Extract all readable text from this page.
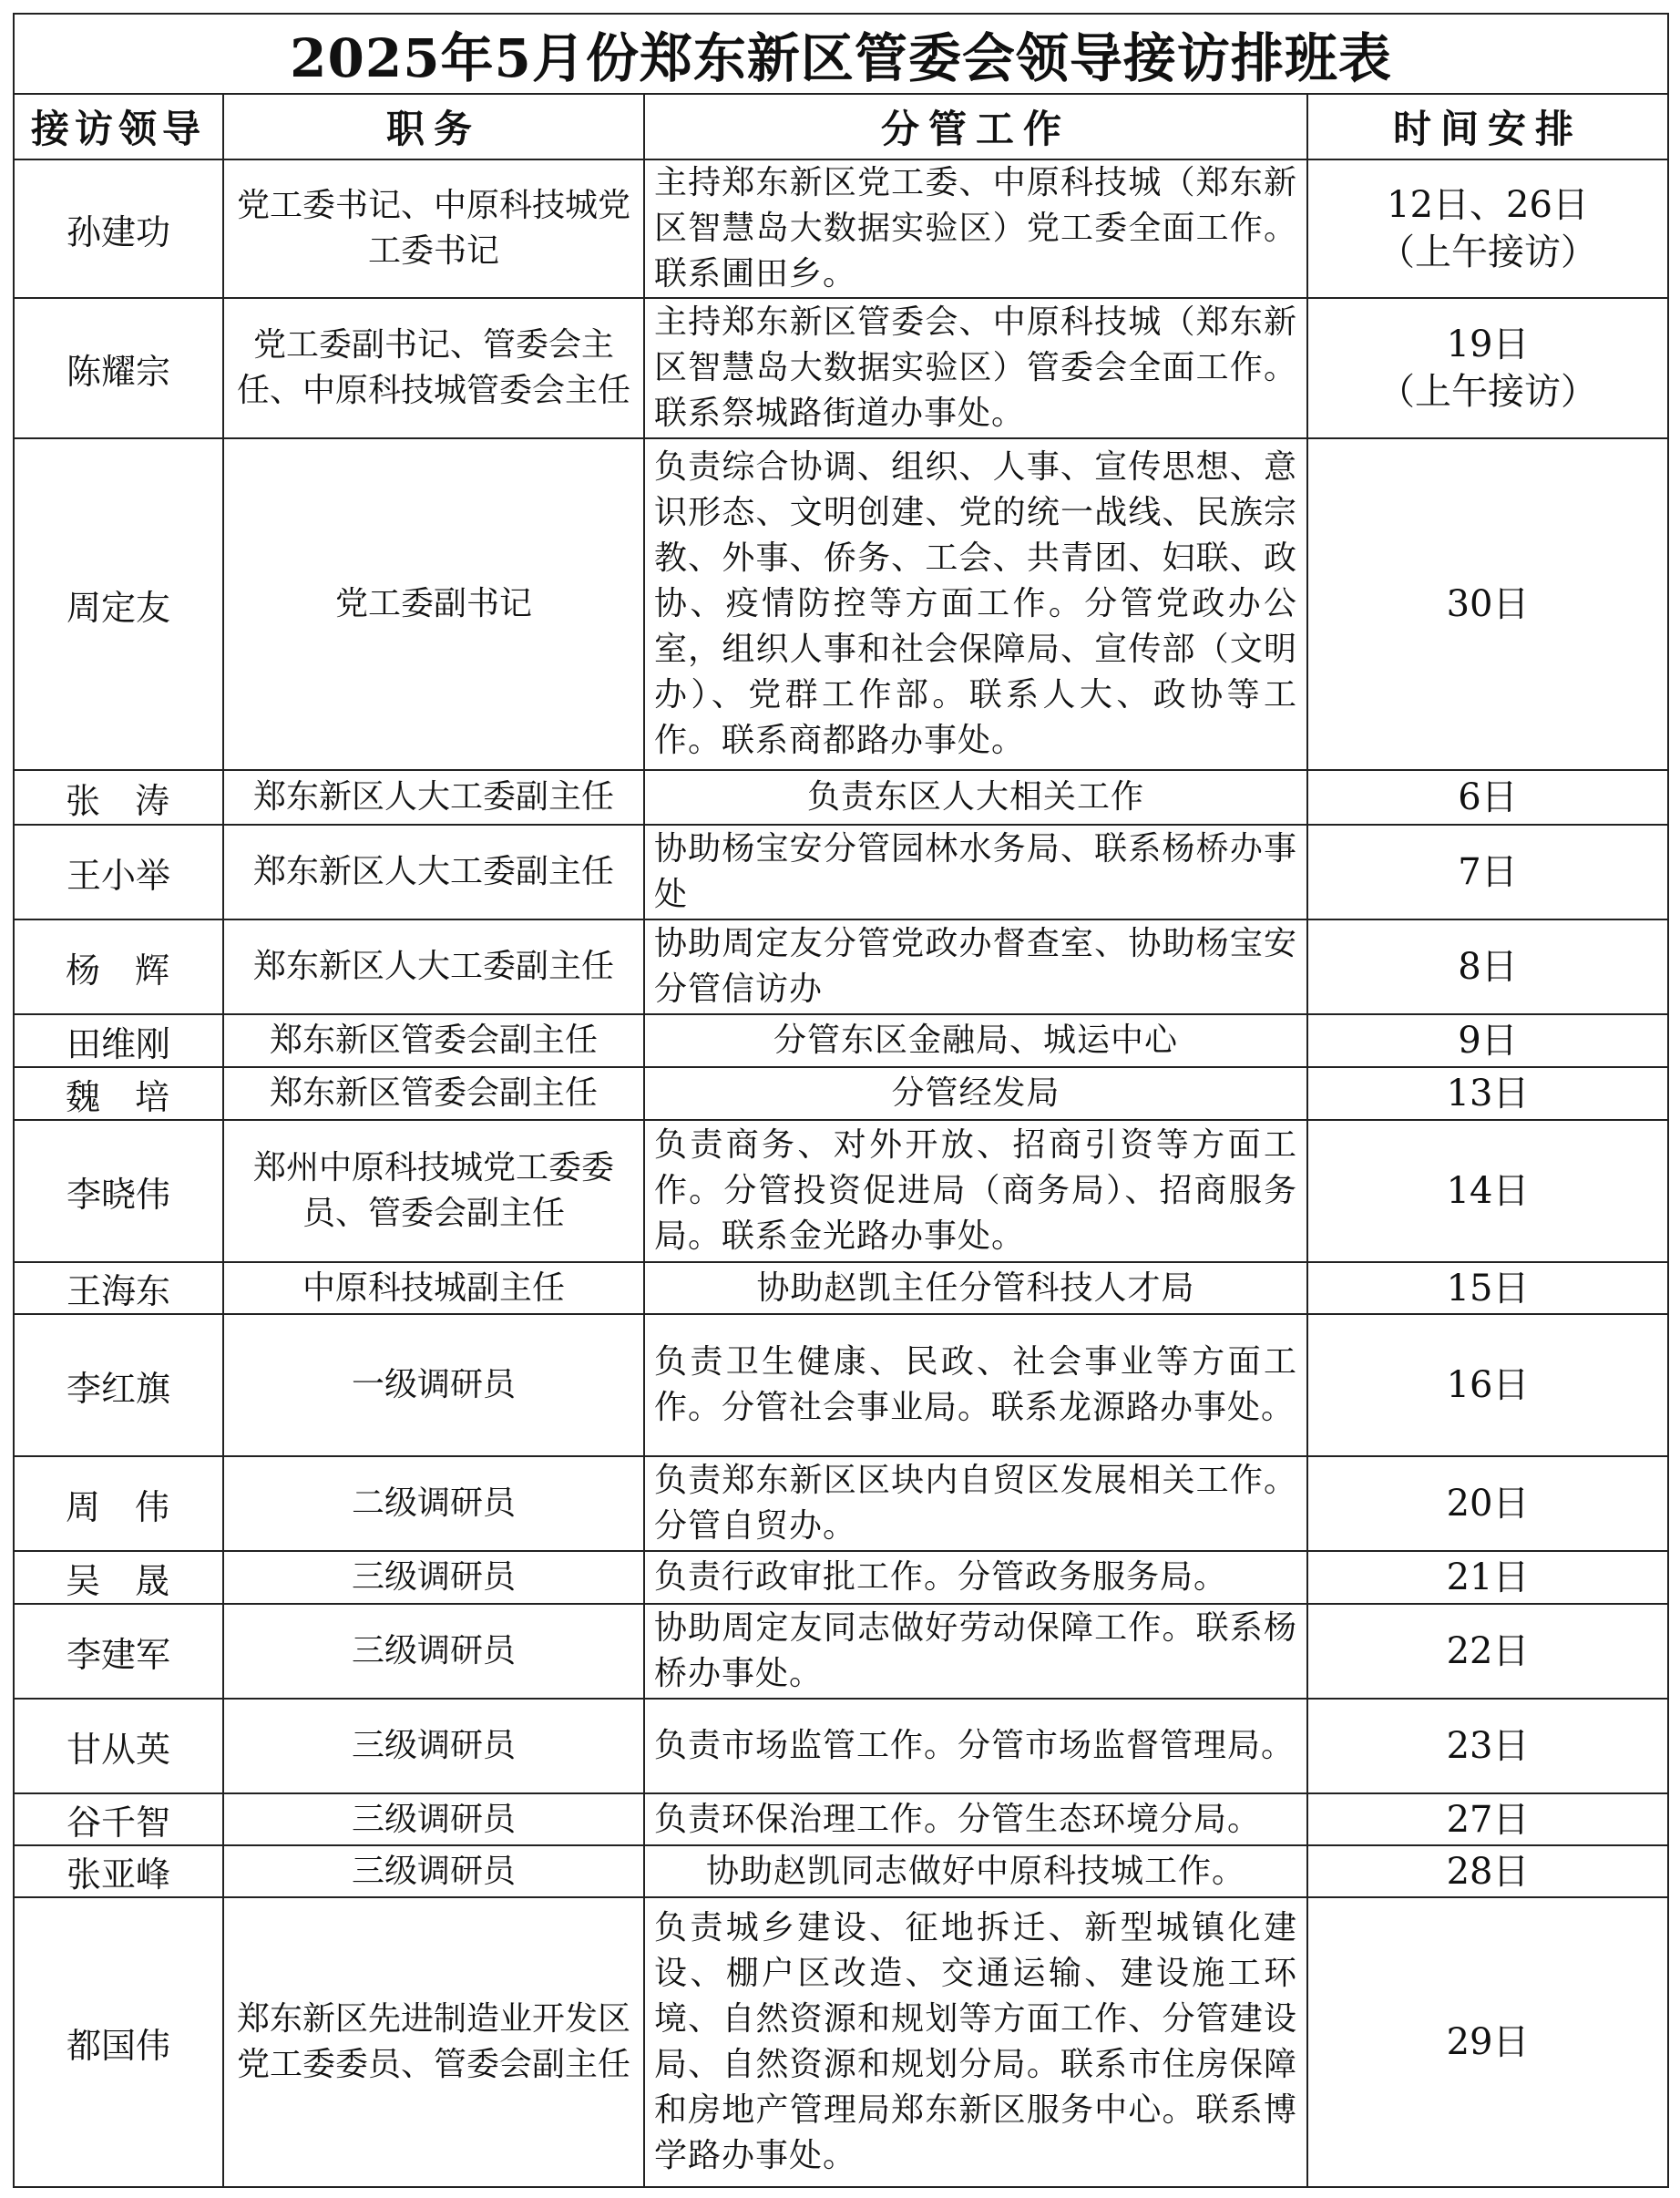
2025年5月份郑东新区管委会领导接访排班表			
接访领导	职务	分管工作	时间安排
孙建功	党工委书记、中原科技城党工委书记	主持郑东新区党工委、中原科技城（郑东新区智慧岛大数据实验区）党工委全面工作。联系圃田乡。	12日、26日
（上午接访）

陈耀宗	党工委副书记、管委会主任、中原科技城管委会主任	主持郑东新区管委会、中原科技城（郑东新区智慧岛大数据实验区）管委会全面工作。联系祭城路街道办事处。	19日
（上午接访）

周定友	党工委副书记	负责综合协调、组织、人事、宣传思想、意识形态、文明创建、党的统一战线、民族宗教、外事、侨务、工会、共青团、妇联、政协、疫情防控等方面工作。分管党政办公室，组织人事和社会保障局、宣传部（文明办）、党群工作部。联系人大、政协等工作。联系商都路办事处。	30日
张涛	郑东新区人大工委副主任	负责东区人大相关工作	6日
王小举	郑东新区人大工委副主任	协助杨宝安分管园林水务局、联系杨桥办事处	7日
杨辉	郑东新区人大工委副主任	协助周定友分管党政办督查室、协助杨宝安分管信访办	8日
田维刚	郑东新区管委会副主任	分管东区金融局、城运中心	9日
魏培	郑东新区管委会副主任	分管经发局	13日
李晓伟	郑州中原科技城党工委委员、管委会副主任	负责商务、对外开放、招商引资等方面工作。分管投资促进局（商务局）、招商服务局。联系金光路办事处。	14日
王海东	中原科技城副主任	协助赵凯主任分管科技人才局	15日
李红旗	一级调研员	负责卫生健康、民政、社会事业等方面工作。分管社会事业局。联系龙源路办事处。	16日
周伟	二级调研员	负责郑东新区区块内自贸区发展相关工作。分管自贸办。	20日
吴晟	三级调研员	负责行政审批工作。分管政务服务局。	21日
李建军	三级调研员	协助周定友同志做好劳动保障工作。联系杨桥办事处。	22日
甘从英	三级调研员	负责市场监管工作。分管市场监督管理局。	23日
谷千智	三级调研员	负责环保治理工作。分管生态环境分局。	27日
张亚峰	三级调研员	协助赵凯同志做好中原科技城工作。	28日
都国伟	郑东新区先进制造业开发区党工委委员、管委会副主任	负责城乡建设、征地拆迁、新型城镇化建设、棚户区改造、交通运输、建设施工环境、自然资源和规划等方面工作、分管建设局、自然资源和规划分局。联系市住房保障和房地产管理局郑东新区服务中心。联系博学路办事处。	29日
